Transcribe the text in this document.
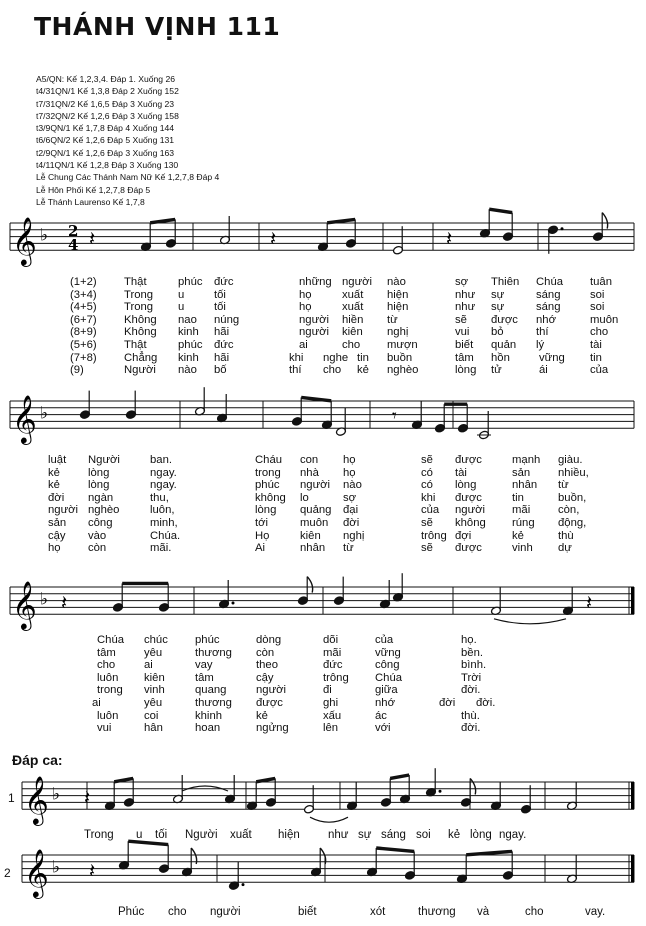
THÁNH VỊNH 111
A5/QN: Kế 1,2,3,4. Đáp 1. Xuống 26
t4/31QN/1 Kế 1,3,8 Đáp 2 Xuống 152
t7/31QN/2 Kế 1,6,5 Đáp 3 Xuống 23
t7/32QN/2 Kế 1,2,6 Đáp 3 Xuống 158
t3/9QN/1 Kế 1,7,8 Đáp 4 Xuống 144
t6/6QN/2 Kế 1,2,6 Đáp 5 Xuống 131
t2/9QN/1 Kế 1,2,6 Đáp 3 Xuống 163
t4/11QN/1 Kế 1,2,8 Đáp 3 Xuống 130
Lễ Chung Các Thánh Nam Nữ Kế 1,2,7,8 Đáp 4
Lễ Hôn Phối Kế 1,2,7,8 Đáp 5
Lễ Thánh Laurenso Kế 1,7,8
(1+2) Thật	phúc đức	những người nào	sợ Thiên Chúa tuân
(3+4) Trong u	tối	họ	xuất hiện	như sự	sáng	soi
(4+5) Trong u	tối	họ	xuất hiện	như sự	sáng	soi
(6+7) Không nao núng	người hiền từ	sẽ được nhớ	muôn
(8+9) Không kinh hãi	người kiên nghị	vui bỏ	thí	cho
(5+6) Thật	phúc đức	ai	cho mượn	biết quản lý	tài
(7+8) Chẳng kinh hãi	khi nghe tin buồn	tâm hồn	vững tin
(9)	Người nào bố	thí cho kẻ nghèo	lòng tử	ái	của
luật Người	ban.	Cháu con họ	sẽ được	mạnh giàu.
kẻ lòng	ngay.	trong nhà họ	có tài	sản nhiều,
kẻ lòng	ngay.	phúc người nào	có lòng	nhân từ
đời ngàn	thu,	không lo	sợ	khi được	tin	buồn,
người nghèo	luôn,	lòng quảng đại	của người mãi còn,
sản công	minh,	tới	muôn đời	sẽ không rúng động,
cậy vào	Chúa.	Họ	kiên nghị	trông đợi	kẻ	thù
họ còn	mãi.	Ai	nhân từ	sẽ được	vinh dự
Chúa chúc phúc	dòng	dõi	của	họ.
tâm yêu	thương còn	mãi	vững	bền.
cho	ai	vay	theo	đức	công	bình.
luôn kiên	tâm	cậy	trông Chúa	Trời
trong vinh	quang	người	đi	giữa	đời.
ai	yêu	thương được	ghi	nhớ	đời đời.
luôn coi	khinh	kẻ	xấu	ác	thù.
vui	hân	hoan	ngửng	lên	với	đời.
Đáp ca:
1
2
Trong u tối Người xuất hiện như sự sáng soi kẻ lòng ngay.
Phúc cho người	biết	xót	thương và	cho	vay.
𝄞 ♭ 2
4 𝄽	𝄽	𝄽
𝄞 ♭	𝄾
𝄞 ♭ 𝄽	𝄽
𝄞 ♭ 𝄽
𝄞 ♭ 𝄽
